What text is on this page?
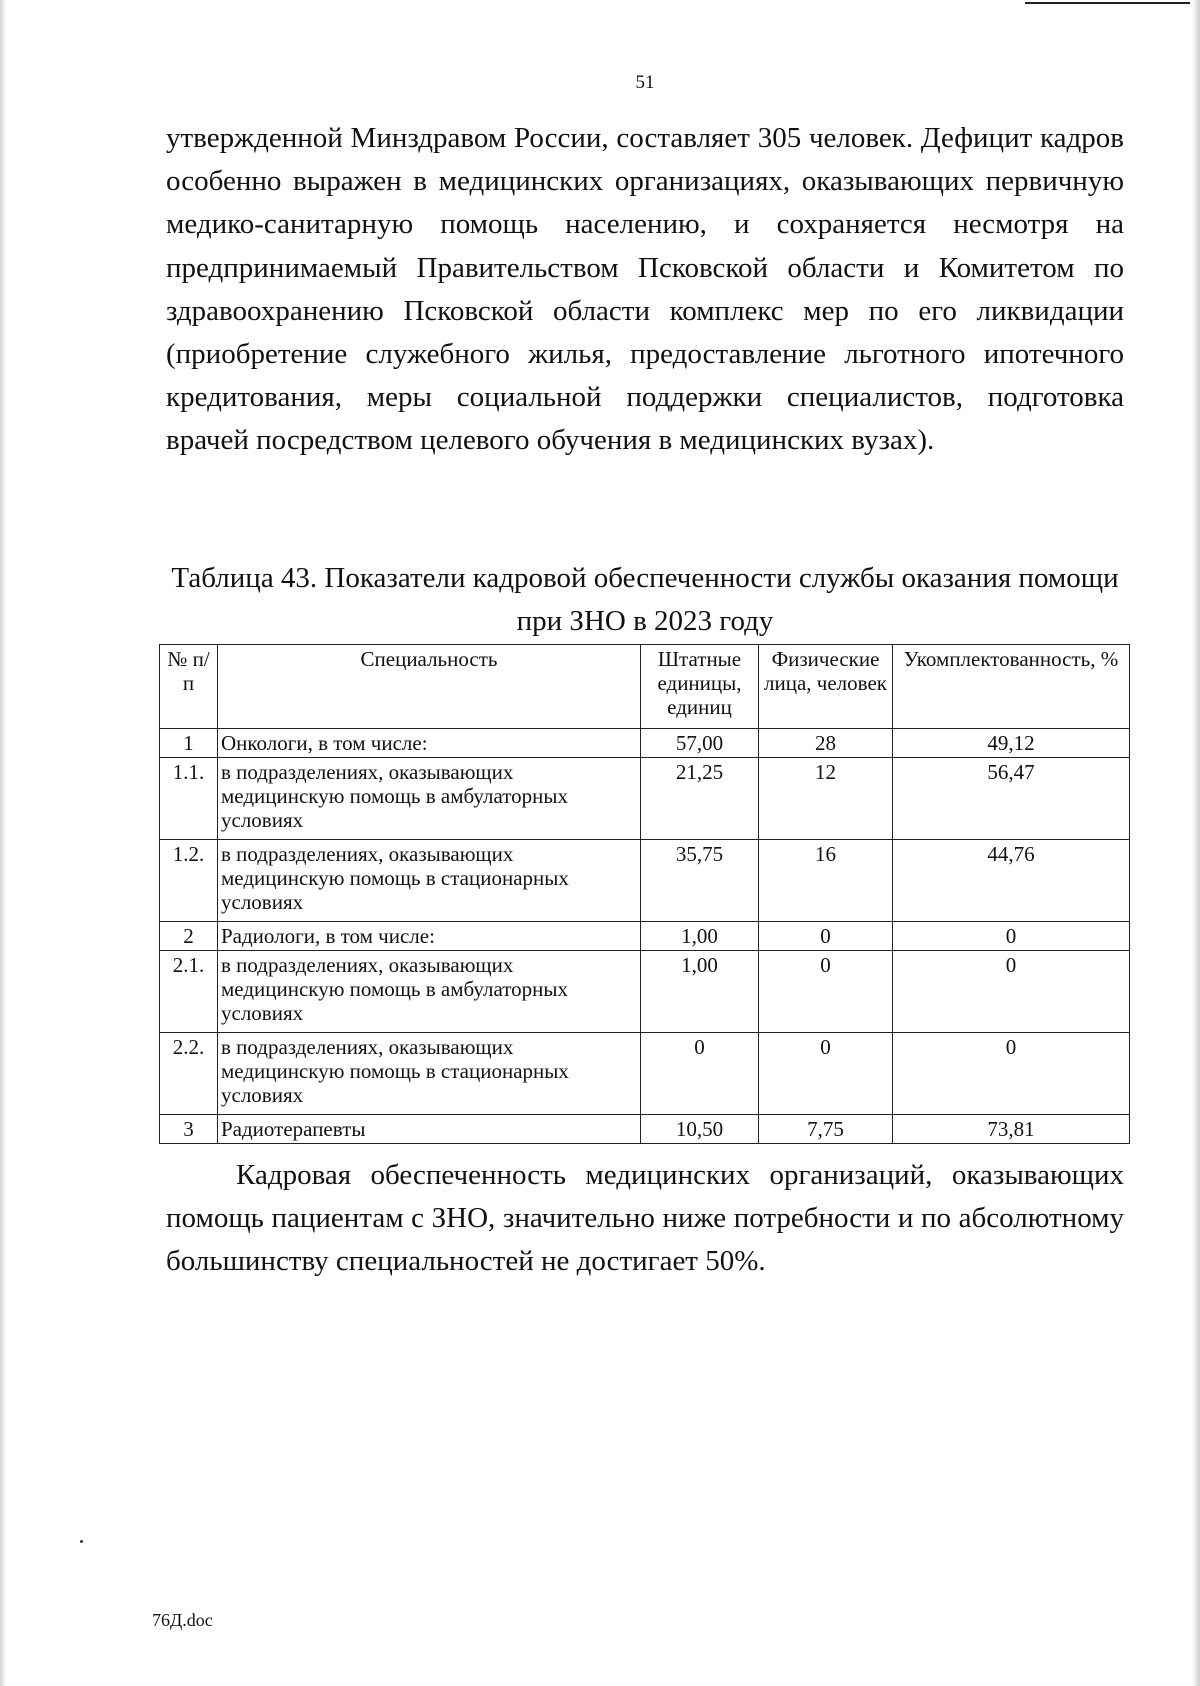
51

утвержденной Минздравом России, составляет 305 человек. Дефицит кадров особенно выражен в медицинских организациях, оказывающих первичную медико-санитарную помощь населению, и сохраняется несмотря на предпринимаемый Правительством Псковской области и Комитетом по здравоохранению Псковской области комплекс мер по его ликвидации (приобретение служебного жилья, предоставление льготного ипотечного кредитования, меры социальной поддержки специалистов, подготовка врачей посредством целевого обучения в медицинских вузах).

Таблица 43. Показатели кадровой обеспеченности службы оказания помощи при ЗНО в 2023 году

№ п/п	Специальность	Штатные единицы, единиц	Физические лица, человек	Укомплектованность, %
1	Онкологи, в том числе:	57,00	28	49,12
1.1.	в подразделениях, оказывающих медицинскую помощь в амбулаторных условиях	21,25	12	56,47
1.2.	в подразделениях, оказывающих медицинскую помощь в стационарных условиях	35,75	16	44,76
2	Радиологи, в том числе:	1,00	0	0
2.1.	в подразделениях, оказывающих медицинскую помощь в амбулаторных условиях	1,00	0	0
2.2.	в подразделениях, оказывающих медицинскую помощь в стационарных условиях	0	0	0
3	Радиотерапевты	10,50	7,75	73,81

Кадровая обеспеченность медицинских организаций, оказывающих помощь пациентам с ЗНО, значительно ниже потребности и по абсолютному большинству специальностей не достигает 50%.

76Д.doc
